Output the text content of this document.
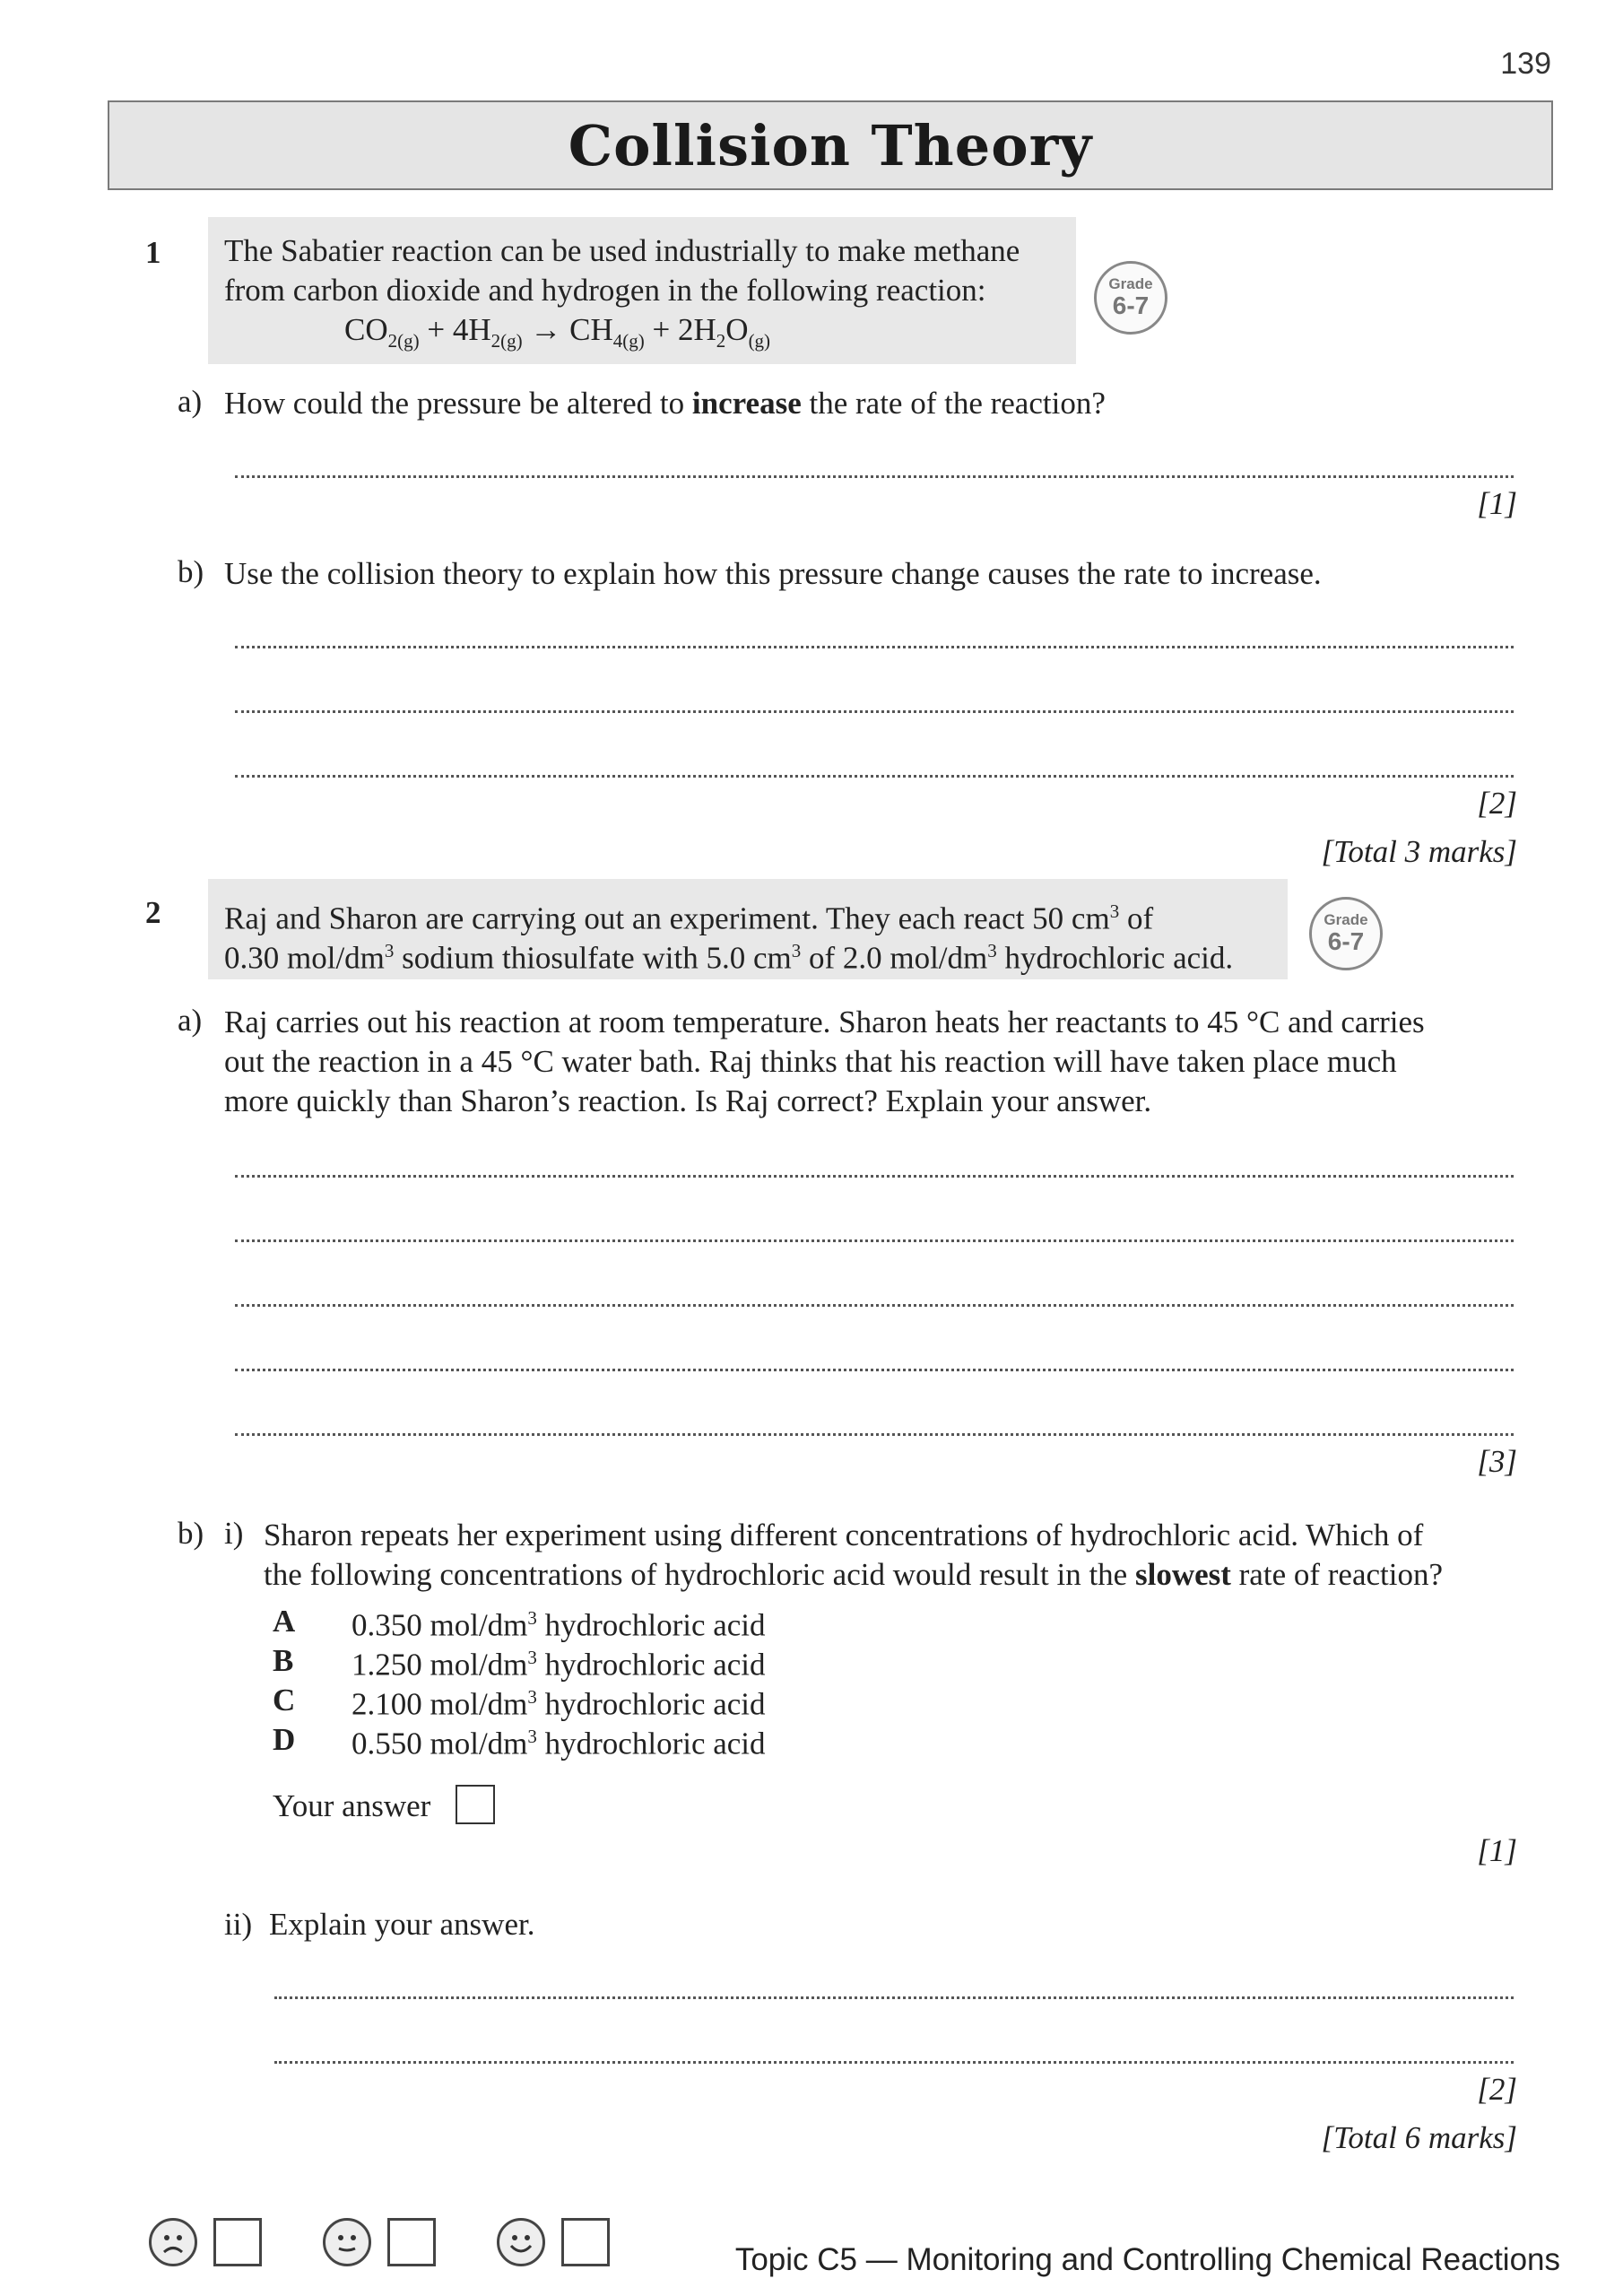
139
Collision Theory
1 The Sabatier reaction can be used industrially to make methane
from carbon dioxide and hydrogen in the following reaction:
$CO_{2(g)} + 4H_{2(g)} \to CH_{4(g)} + 2H_2O_{(g)}$
Grade
6-7
a) How could the pressure be altered to increase the rate of the reaction?
[1]
b) Use the collision theory to explain how this pressure change causes the rate to increase.
[2]
[Total 3 marks]
2 Raj and Sharon are carrying out an experiment. They each react 50 $cm^3$ of
0.30 mol/$dm^3$ sodium thiosulfate with 5.0 $cm^3$ of 2.0 mol/$dm^3$ hydrochloric acid.
Grade
6-7
a) Raj carries out his reaction at room temperature. Sharon heats her reactants to 45 °C and carries
out the reaction in a 45 °C water bath. Raj thinks that his reaction will have taken place much
more quickly than Sharon’s reaction. Is Raj correct? Explain your answer.
[3]
b) i) Sharon repeats her experiment using different concentrations of hydrochloric acid. Which of
the following concentrations of hydrochloric acid would result in the slowest rate of reaction?
A	0.350 mol/$dm^3$ hydrochloric acid
B	1.250 mol/$dm^3$ hydrochloric acid
C	2.100 mol/$dm^3$ hydrochloric acid
D	0.550 mol/$dm^3$ hydrochloric acid
Your answer
[1]
ii) Explain your answer.
[2]
[Total 6 marks]
Topic C5 — Monitoring and Controlling Chemical Reactions
